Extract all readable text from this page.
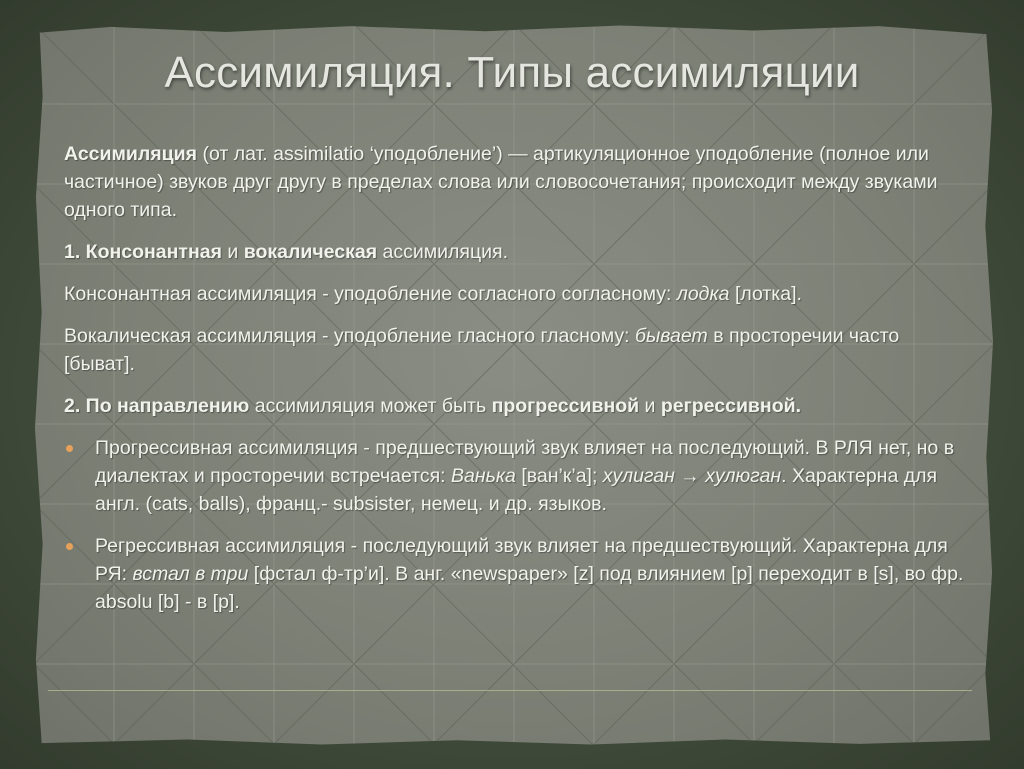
Ассимиляция. Типы ассимиляции

Ассимиляция (от лат. assimilatio ‘уподобление’) — артикуляционное уподобление (полное или частичное) звуков друг другу в пределах слова или словосочетания; происходит между звуками одного типа.

1. Консонантная и вокалическая ассимиляция.

Консонантная ассимиляция - уподобление согласного согласному: лодка [лотка].

Вокалическая ассимиляция - уподобление гласного гласному: бывает в просторечии часто [быват].

2. По направлению ассимиляция может быть прогрессивной и регрессивной.

Прогрессивная ассимиляция - предшествующий звук влияет на последующий. В РЛЯ нет, но в диалектах и просторечии встречается: Ванька [ван’к’а]; хулиган → хулюган. Характерна для англ. (cats, balls), франц.- subsister, немец. и др. языков.
Регрессивная ассимиляция - последующий звук влияет на предшествующий. Характерна для РЯ: встал в три [фстал ф-тр’и]. В анг. «newspaper» [z] под влиянием [p] переходит в [s], во фр. absolu [b] - в [p].
